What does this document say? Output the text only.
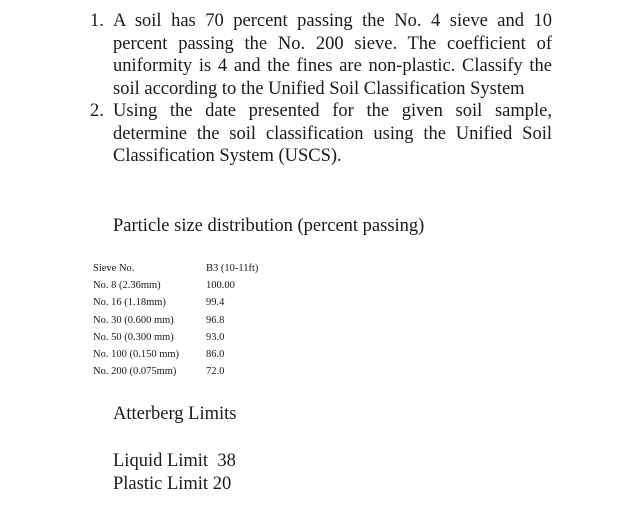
1. A soil has 70 percent passing the No. 4 sieve and 10 percent passing the No. 200 sieve. The coefficient of uniformity is 4 and the fines are non-plastic. Classify the soil according to the Unified Soil Classification System
2. Using the date presented for the given soil sample, determine the soil classification using the Unified Soil Classification System (USCS).
Particle size distribution (percent passing)
Sieve No.	B3 (10-11ft)
No. 8 (2.36mm)	100.00
No. 16 (1.18mm)	99.4
No. 30 (0.600 mm)	96.8
No. 50 (0.300 mm)	93.0
No. 100 (0.150 mm)	86.0
No. 200 (0.075mm)	72.0
Atterberg Limits
Liquid Limit  38
Plastic Limit 20
